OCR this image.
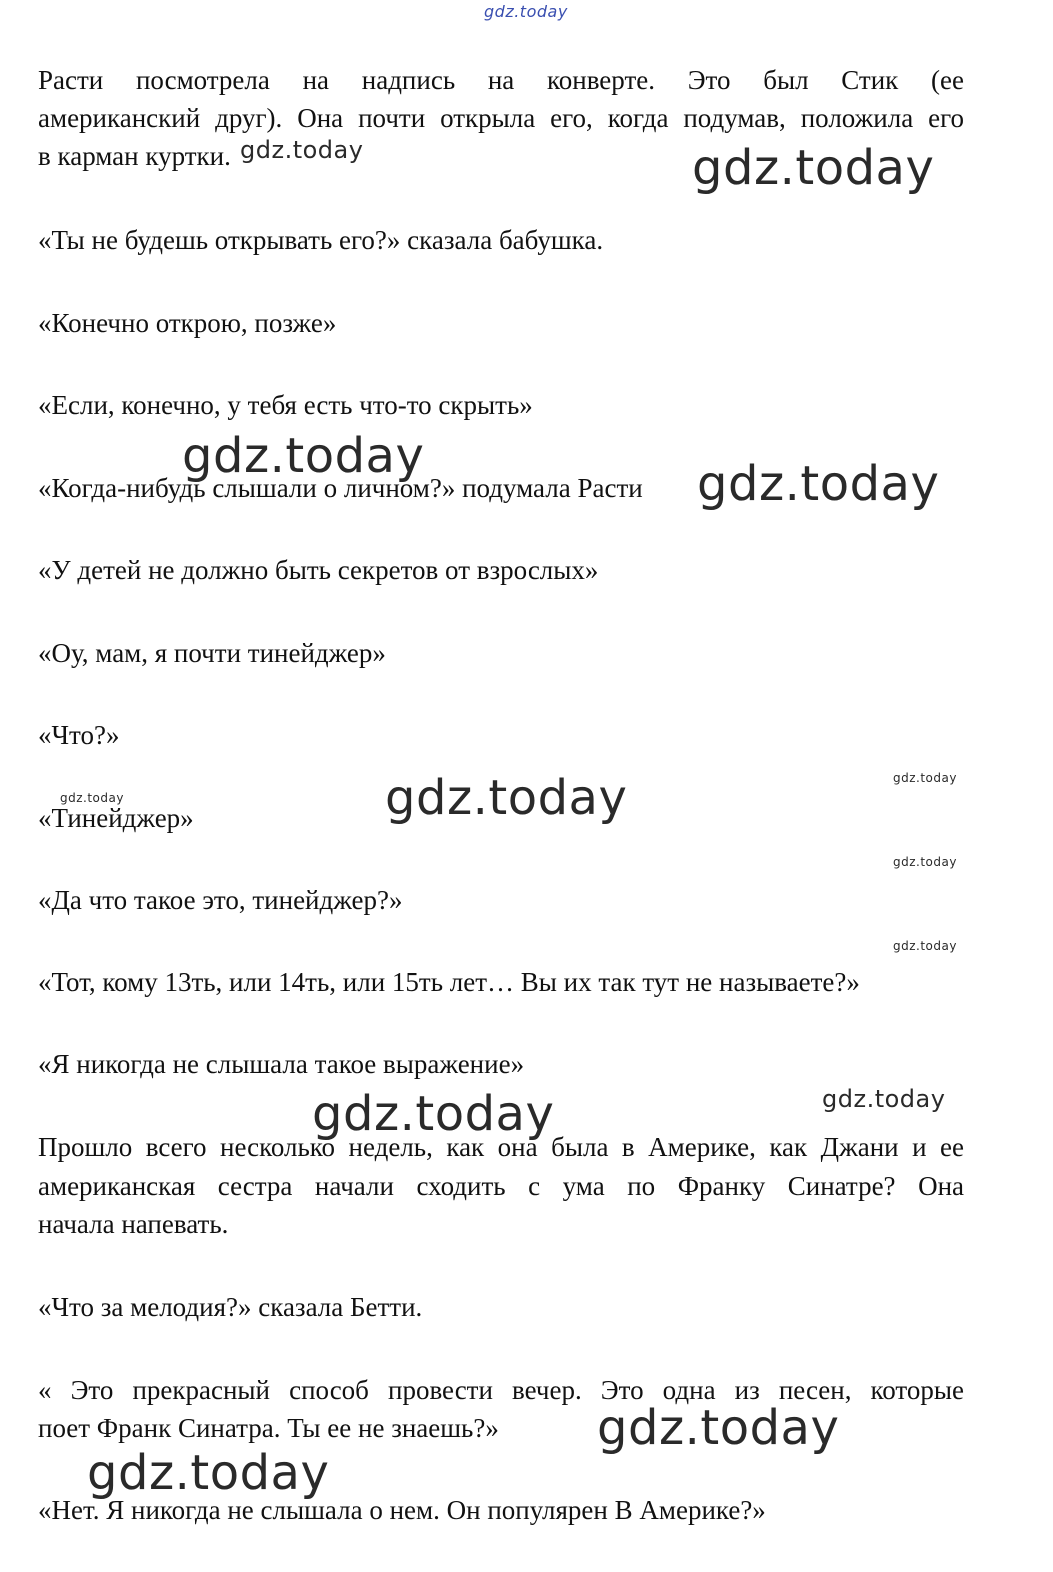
gdz.today
gdz.today	gdz.today
gdz.today	gdz.today
gdz.today
gdz.today	gdz.today
gdz.today
gdz.today
gdz.today
gdz.today
gdz.today
gdz.today
Расти посмотрела на надпись на конверте. Это был Стик (ее
американский друг). Она почти открыла его, когда подумав, положила его
в карман куртки.
«Ты не будешь открывать его?» сказала бабушка.
«Конечно открою, позже»
«Если, конечно, у тебя есть что-то скрыть»
«Когда-нибудь слышали о личном?» подумала Расти
«У детей не должно быть секретов от взрослых»
«Оу, мам, я почти тинейджер»
«Что?»
«Тинейджер»
«Да что такое это, тинейджер?»
«Тот, кому 13ть, или 14ть, или 15ть лет… Вы их так тут не называете?»
«Я никогда не слышала такое выражение»
Прошло всего несколько недель, как она была в Америке, как Джани и ее
американская сестра начали сходить с ума по Франку Синатре? Она
начала напевать.
«Что за мелодия?» сказала Бетти.
« Это прекрасный способ провести вечер. Это одна из песен, которые
поет Франк Синатра. Ты ее не знаешь?»
«Нет. Я никогда не слышала о нем. Он популярен В Америке?»
